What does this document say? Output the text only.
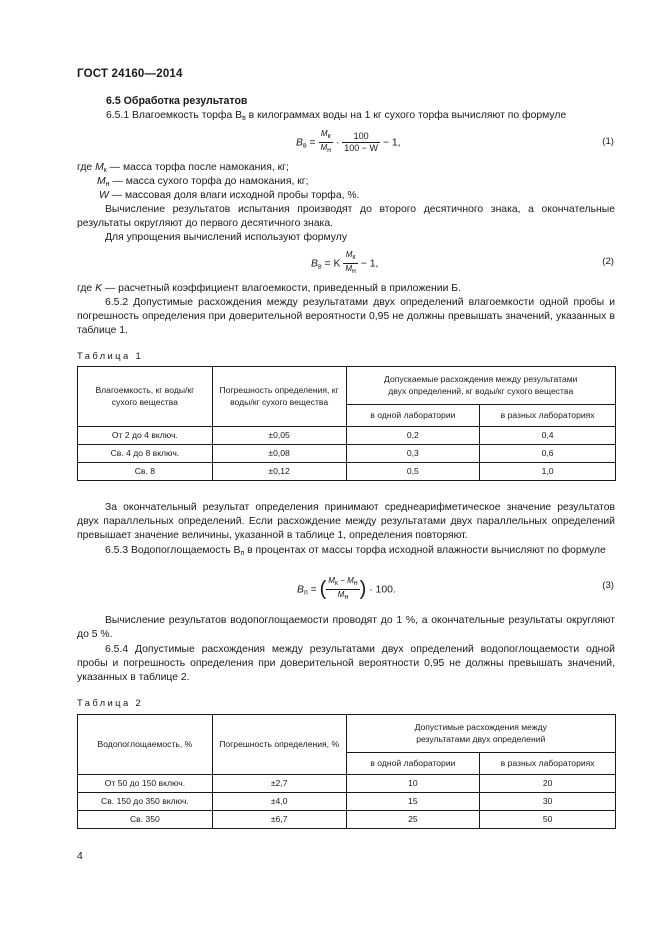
ГОСТ 24160—2014
6.5 Обработка результатов
6.5.1 Влагоемкость торфа $B_в$ в килограммах воды на 1 кг сухого торфа вычисляют по формуле
$B_в = \frac{Mк}{Mн} \cdot \frac{100}{100 - W} - 1$,	(1)
где $M_к$ — масса торфа после намокания, кг;
$M_н$ — масса сухого торфа до намокания, кг;
W — массовая доля влаги исходной пробы торфа, %.
Вычисление результатов испытания производят до второго десятичного знака, а окончательные результаты округляют до первого десятичного знака.
Для упрощения вычислений используют формулу
$B_в = K \frac{Mк}{Mн} - 1$,	(2)
где K — расчетный коэффициент влагоемкости, приведенный в приложении Б.
6.5.2 Допустимые расхождения между результатами двух определений влагоемкости одной пробы и погрешность определения при доверительной вероятности 0,95 не должны превышать значений, указанных в таблице 1.
Таблица 1
Влагоемкость, кг воды/кг сухого вещества	Погрешность определения, кг воды/кг сухого вещества	Допускаемые расхождения между результатами двух определений, кг воды/кг сухого вещества	
		в одной лаборатории	в разных лабораториях
От 2 до 4 включ.	±0,05	0,2	0,4
Св. 4 до 8 включ.	±0,08	0,3	0,6
Св. 8	±0,12	0,5	1,0
За окончательный результат определения принимают среднеарифметическое значение результатов двух параллельных определений. Если расхождение между результатами двух параллельных определений превышает значение величины, указанной в таблице 1, определения повторяют.
6.5.3 Водопоглощаемость $B_п$ в процентах от массы торфа исходной влажности вычисляют по формуле
$B_п$ = ( $\frac{Mк - Mн}{Mн}$ ) · 100.	(3)
Вычисление результатов водопоглощаемости проводят до 1 %, а окончательные результаты округляют до 5 %.
6.5.4 Допустимые расхождения между результатами двух определений водопоглощаемости одной пробы и погрешность определения при доверительной вероятности 0,95 не должны превышать значений, указанных в таблице 2.
Таблица 2
Водопоглощаемость, %	Погрешность определения, %	Допустимые расхождения между результатами двух определений	
		в одной лаборатории	в разных лабораториях
От 50 до 150 включ.	±2,7	10	20
Св. 150 до 350 включ.	±4,0	15	30
Св. 350	±6,7	25	50
4
